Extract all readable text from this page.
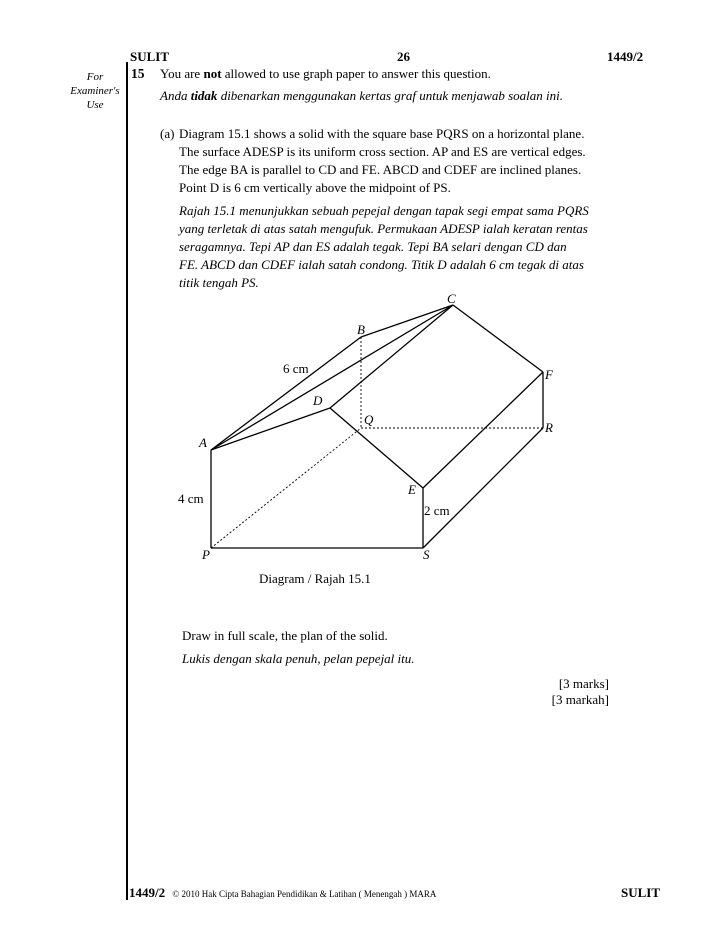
SULIT	26	1449/2
For
Examiner's
Use
15 You are not allowed to use graph paper to answer this question.
Anda tidak dibenarkan menggunakan kertas graf untuk menjawab soalan ini.
(a) Diagram 15.1 shows a solid with the square base PQRS on a horizontal plane.
The surface ADESP is its uniform cross section. AP and ES are vertical edges.
The edge BA is parallel to CD and FE. ABCD and CDEF are inclined planes.
Point D is 6 cm vertically above the midpoint of PS.
Rajah 15.1 menunjukkan sebuah pepejal dengan tapak segi empat sama PQRS
yang terletak di atas satah mengufuk. Permukaan ADESP ialah keratan rentas
seragamnya. Tepi AP dan ES adalah tegak. Tepi BA selari dengan CD dan
FE. ABCD dan CDEF ialah satah condong. Titik D adalah 6 cm tegak di atas
titik tengah PS.
C
B
F
D
Q
R
A
E
P	S
6 cm
4 cm
2 cm
Diagram / Rajah 15.1
Draw in full scale, the plan of the solid.
Lukis dengan skala penuh, pelan pepejal itu.
[3 marks]
[3 markah]
1449/2 © 2010 Hak Cipta Bahagian Pendidikan & Latihan ( Menengah ) MARA	SULIT
